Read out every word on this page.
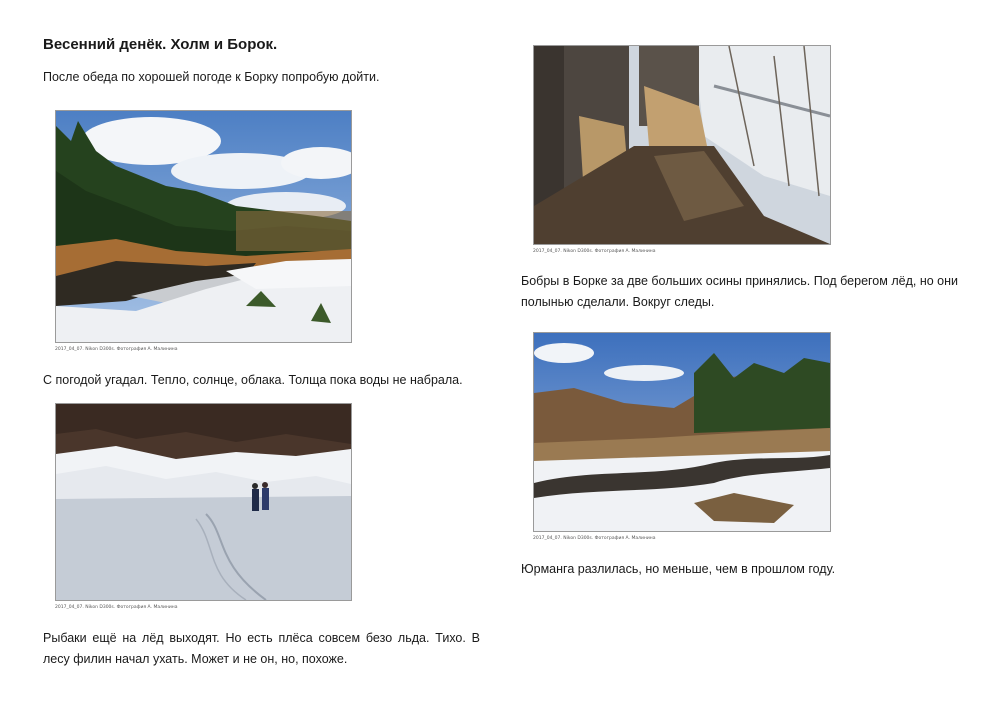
Весенний денёк. Холм и Борок.
После обеда по хорошей погоде к Борку попробую дойти.
2017_04_07. Nikon D300s. Фотография А. Малинина
С погодой угадал. Тепло, солнце, облака. Толща пока воды не набрала.
2017_04_07. Nikon D300s. Фотография А. Малинина
Рыбаки ещё на лёд выходят. Но есть плёса совсем безо льда. Тихо. В лесу филин начал ухать. Может и не он, но, похоже.
2017_04_07. Nikon D300s. Фотография А. Малинина
Бобры в Борке за две больших осины принялись. Под берегом лёд, но они полынью сделали. Вокруг следы.
2017_04_07. Nikon D300s. Фотография А. Малинина
Юрманга разлилась, но меньше, чем в прошлом году.
